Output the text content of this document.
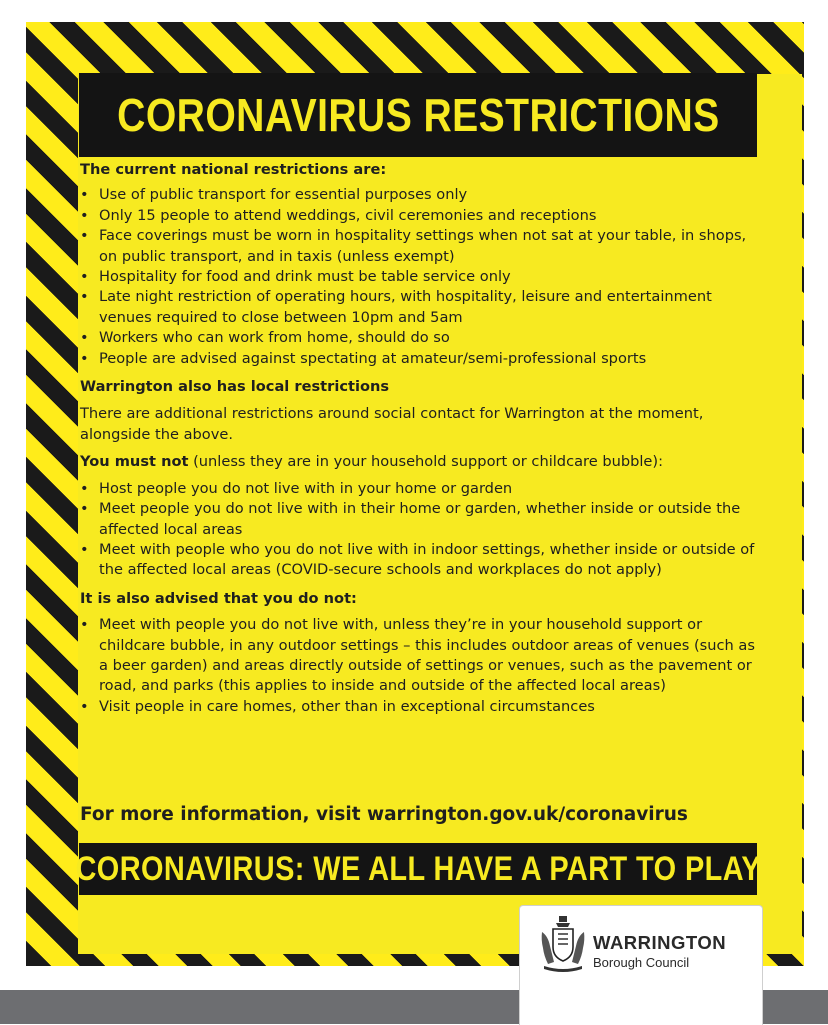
CORONAVIRUS RESTRICTIONS

The current national restrictions are:

• Use of public transport for essential purposes only
• Only 15 people to attend weddings, civil ceremonies and receptions
• Face coverings must be worn in hospitality settings when not sat at your table, in shops, on public transport, and in taxis (unless exempt)
• Hospitality for food and drink must be table service only
• Late night restriction of operating hours, with hospitality, leisure and entertainment venues required to close between 10pm and 5am
• Workers who can work from home, should do so
• People are advised against spectating at amateur/semi-professional sports

Warrington also has local restrictions

There are additional restrictions around social contact for Warrington at the moment, alongside the above.

You must not (unless they are in your household support or childcare bubble):

• Host people you do not live with in your home or garden
• Meet people you do not live with in their home or garden, whether inside or outside the affected local areas
• Meet with people who you do not live with in indoor settings, whether inside or outside of the affected local areas (COVID-secure schools and workplaces do not apply)

It is also advised that you do not:

• Meet with people you do not live with, unless they’re in your household support or childcare bubble, in any outdoor settings – this includes outdoor areas of venues (such as a beer garden) and areas directly outside of settings or venues, such as the pavement or road, and parks (this applies to inside and outside of the affected local areas)
• Visit people in care homes, other than in exceptional circumstances
For more information, visit warrington.gov.uk/coronavirus
CORONAVIRUS: WE ALL HAVE A PART TO PLAY
WARRINGTON
Borough Council
